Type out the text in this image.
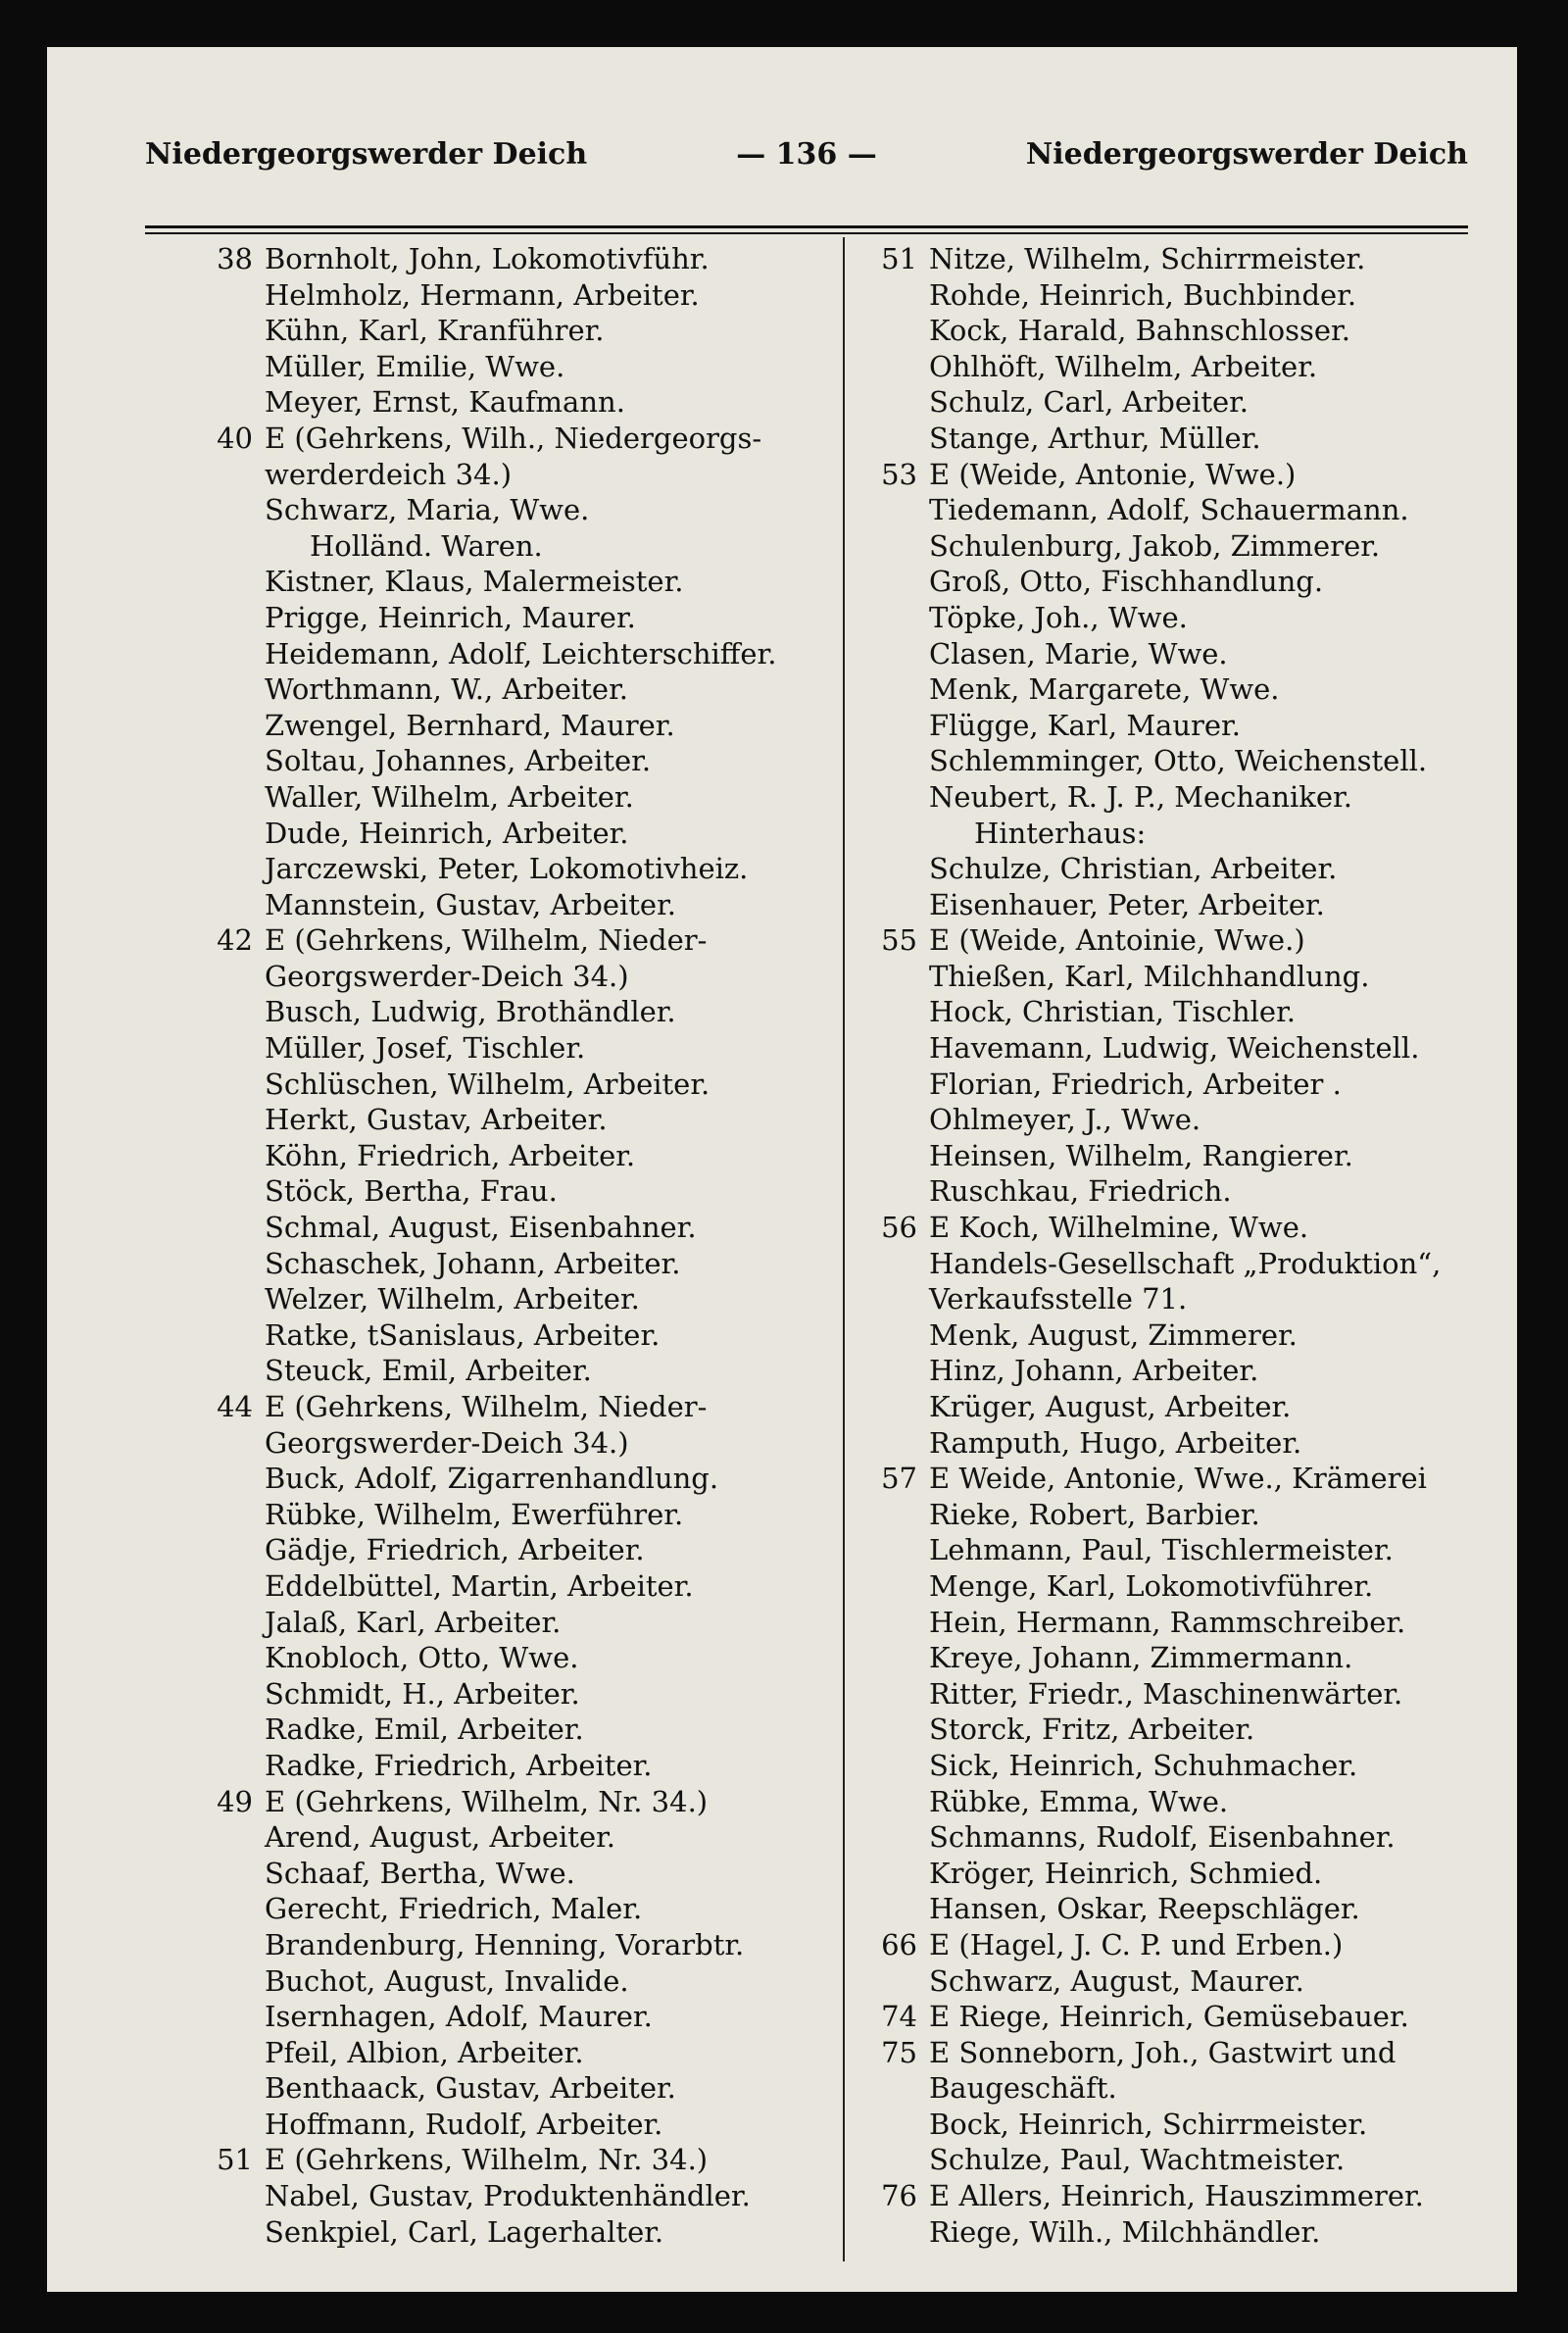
Niedergeorgswerder Deich	— 136 —	Niedergeorgswerder Deich
38 Bornholt, John, Lokomotivführ.
Helmholz, Hermann, Arbeiter.
Kühn, Karl, Kranführer.
Müller, Emilie, Wwe.
Meyer, Ernst, Kaufmann.
40 E (Gehrkens, Wilh., Niedergeorgs-
werderdeich 34.)
Schwarz, Maria, Wwe.
Holländ. Waren.
Kistner, Klaus, Malermeister.
Prigge, Heinrich, Maurer.
Heidemann, Adolf, Leichterschiffer.
Worthmann, W., Arbeiter.
Zwengel, Bernhard, Maurer.
Soltau, Johannes, Arbeiter.
Waller, Wilhelm, Arbeiter.
Dude, Heinrich, Arbeiter.
Jarczewski, Peter, Lokomotivheiz.
Mannstein, Gustav, Arbeiter.
42 E (Gehrkens, Wilhelm, Nieder-
Georgswerder-Deich 34.)
Busch, Ludwig, Brothändler.
Müller, Josef, Tischler.
Schlüschen, Wilhelm, Arbeiter.
Herkt, Gustav, Arbeiter.
Köhn, Friedrich, Arbeiter.
Stöck, Bertha, Frau.
Schmal, August, Eisenbahner.
Schaschek, Johann, Arbeiter.
Welzer, Wilhelm, Arbeiter.
Ratke, tSanislaus, Arbeiter.
Steuck, Emil, Arbeiter.
44 E (Gehrkens, Wilhelm, Nieder-
Georgswerder-Deich 34.)
Buck, Adolf, Zigarrenhandlung.
Rübke, Wilhelm, Ewerführer.
Gädje, Friedrich, Arbeiter.
Eddelbüttel, Martin, Arbeiter.
Jalaß, Karl, Arbeiter.
Knobloch, Otto, Wwe.
Schmidt, H., Arbeiter.
Radke, Emil, Arbeiter.
Radke, Friedrich, Arbeiter.
49 E (Gehrkens, Wilhelm, Nr. 34.)
Arend, August, Arbeiter.
Schaaf, Bertha, Wwe.
Gerecht, Friedrich, Maler.
Brandenburg, Henning, Vorarbtr.
Buchot, August, Invalide.
Isernhagen, Adolf, Maurer.
Pfeil, Albion, Arbeiter.
Benthaack, Gustav, Arbeiter.
Hoffmann, Rudolf, Arbeiter.
51 E (Gehrkens, Wilhelm, Nr. 34.)
Nabel, Gustav, Produktenhändler.
Senkpiel, Carl, Lagerhalter.
51 Nitze, Wilhelm, Schirrmeister.
Rohde, Heinrich, Buchbinder.
Kock, Harald, Bahnschlosser.
Ohlhöft, Wilhelm, Arbeiter.
Schulz, Carl, Arbeiter.
Stange, Arthur, Müller.
53 E (Weide, Antonie, Wwe.)
Tiedemann, Adolf, Schauermann.
Schulenburg, Jakob, Zimmerer.
Groß, Otto, Fischhandlung.
Töpke, Joh., Wwe.
Clasen, Marie, Wwe.
Menk, Margarete, Wwe.
Flügge, Karl, Maurer.
Schlemminger, Otto, Weichenstell.
Neubert, R. J. P., Mechaniker.
Hinterhaus:
Schulze, Christian, Arbeiter.
Eisenhauer, Peter, Arbeiter.
55 E (Weide, Antoinie, Wwe.)
Thießen, Karl, Milchhandlung.
Hock, Christian, Tischler.
Havemann, Ludwig, Weichenstell.
Florian, Friedrich, Arbeiter .
Ohlmeyer, J., Wwe.
Heinsen, Wilhelm, Rangierer.
Ruschkau, Friedrich.
56 E Koch, Wilhelmine, Wwe.
Handels-Gesellschaft „Produktion“,
Verkaufsstelle 71.
Menk, August, Zimmerer.
Hinz, Johann, Arbeiter.
Krüger, August, Arbeiter.
Ramputh, Hugo, Arbeiter.
57 E Weide, Antonie, Wwe., Krämerei
Rieke, Robert, Barbier.
Lehmann, Paul, Tischlermeister.
Menge, Karl, Lokomotivführer.
Hein, Hermann, Rammschreiber.
Kreye, Johann, Zimmermann.
Ritter, Friedr., Maschinenwärter.
Storck, Fritz, Arbeiter.
Sick, Heinrich, Schuhmacher.
Rübke, Emma, Wwe.
Schmanns, Rudolf, Eisenbahner.
Kröger, Heinrich, Schmied.
Hansen, Oskar, Reepschläger.
66 E (Hagel, J. C. P. und Erben.)
Schwarz, August, Maurer.
74 E Riege, Heinrich, Gemüsebauer.
75 E Sonneborn, Joh., Gastwirt und
Baugeschäft.
Bock, Heinrich, Schirrmeister.
Schulze, Paul, Wachtmeister.
76 E Allers, Heinrich, Hauszimmerer.
Riege, Wilh., Milchhändler.
